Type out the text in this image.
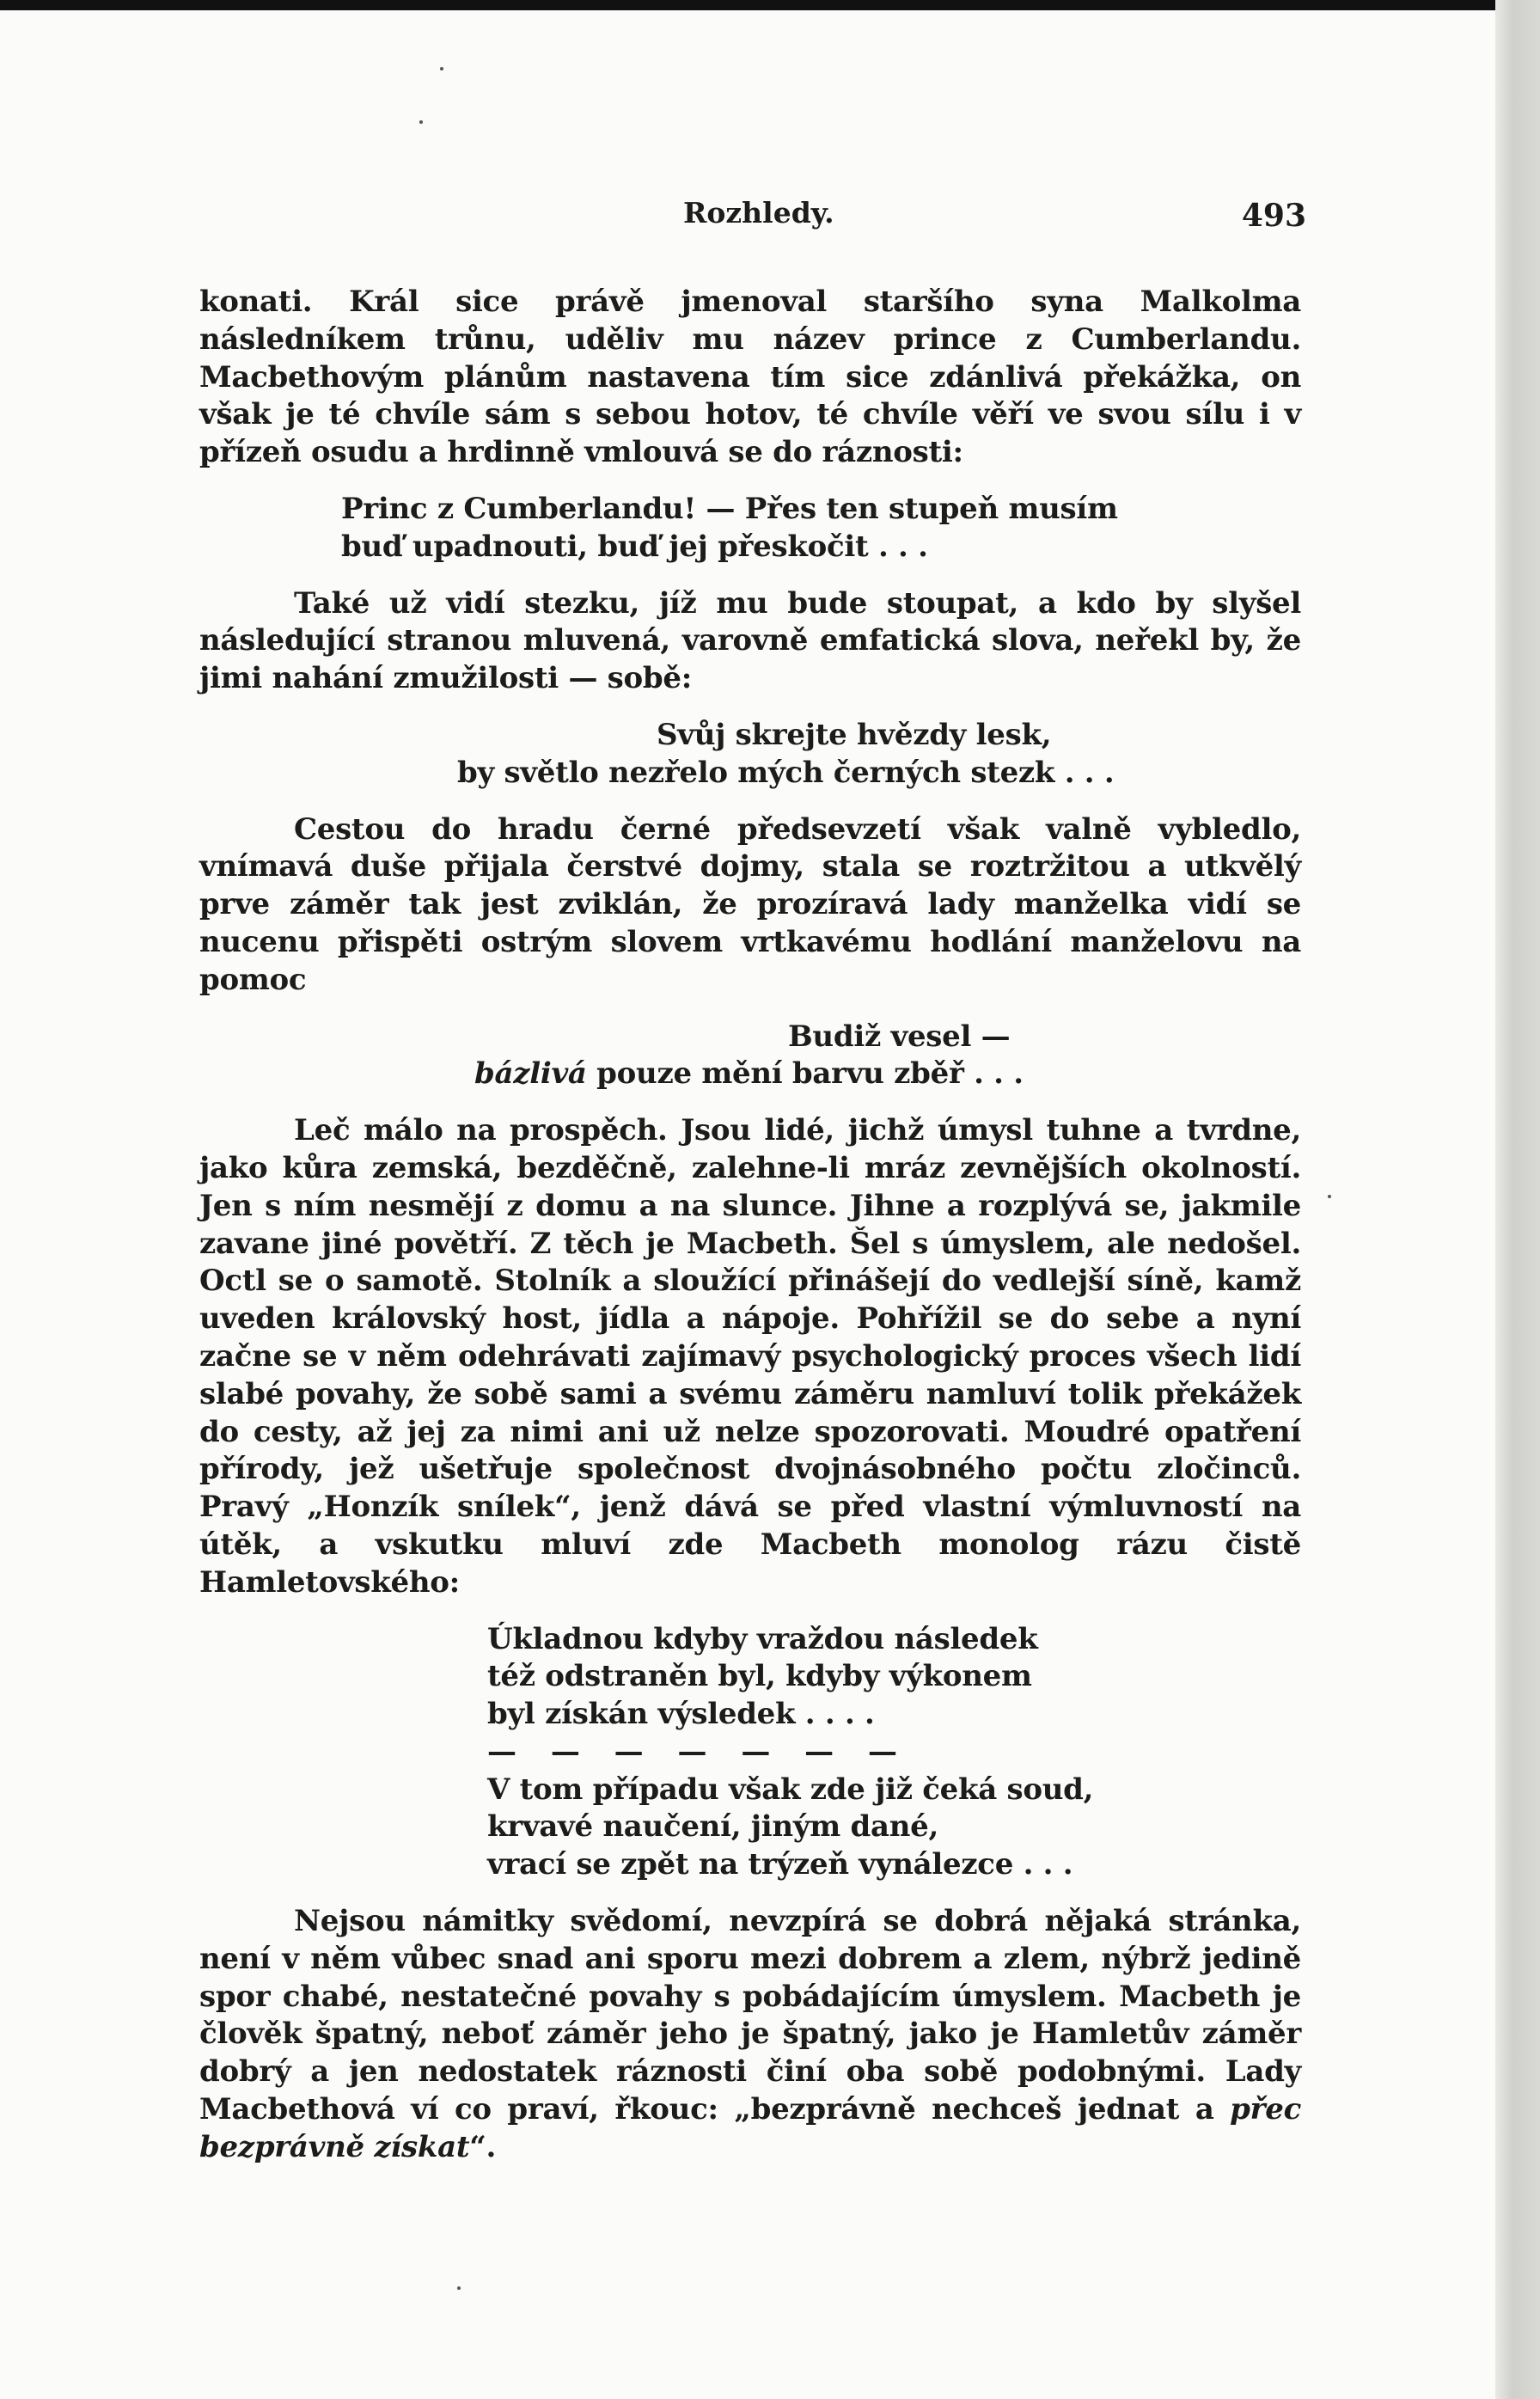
Rozhledy.	493

konati. Král sice právě jmenoval staršího syna Malkolma následníkem trůnu, uděliv mu název prince z Cumberlandu. Macbethovým plánům nastavena tím sice zdánlivá překážka, on však je té chvíle sám s sebou hotov, té chvíle věří ve svou sílu i v přízeň osudu a hrdinně vmlouvá se do ráznosti:

Princ z Cumberlandu! — Přes ten stupeň musím
buď upadnouti, buď jej přeskočit . . .

Také už vidí stezku, jíž mu bude stoupat, a kdo by slyšel následující stranou mluvená, varovně emfatická slova, neřekl by, že jimi nahání zmužilosti — sobě:

Svůj skrejte hvězdy lesk,
by světlo nezřelo mých černých stezk . . .

Cestou do hradu černé předsevzetí však valně vybledlo, vnímavá duše přijala čerstvé dojmy, stala se roztržitou a utkvělý prve záměr tak jest zviklán, že prozíravá lady manželka vidí se nucenu přispěti ostrým slovem vrtkavému hodlání manželovu na pomoc

Budiž vesel —
bázlivá pouze mění barvu zběř . . .

Leč málo na prospěch. Jsou lidé, jichž úmysl tuhne a tvrdne, jako kůra zemská, bezděčně, zalehne-li mráz zevnějších okolností. Jen s ním nesmějí z domu a na slunce. Jihne a rozplývá se, jakmile zavane jiné povětří. Z těch je Macbeth. Šel s úmyslem, ale nedošel. Octl se o samotě. Stolník a sloužící přinášejí do vedlejší síně, kamž uveden královský host, jídla a nápoje. Pohřížil se do sebe a nyní začne se v něm odehrávati zajímavý psychologický proces všech lidí slabé povahy, že sobě sami a svému záměru namluví tolik překážek do cesty, až jej za nimi ani už nelze spozorovati. Moudré opatření přírody, jež ušetřuje společnost dvojnásobného počtu zločinců. Pravý „Honzík snílek“, jenž dává se před vlastní výmluvností na útěk, a vskutku mluví zde Macbeth monolog rázu čistě Hamletovského:

Úkladnou kdyby vraždou následek
též odstraněn byl, kdyby výkonem
byl získán výsledek . . . .
— — — — — — —
V tom případu však zde již čeká soud,
krvavé naučení, jiným dané,
vrací se zpět na trýzeň vynálezce . . .

Nejsou námitky svědomí, nevzpírá se dobrá nějaká stránka, není v něm vůbec snad ani sporu mezi dobrem a zlem, nýbrž jedině spor chabé, nestatečné povahy s pobádajícím úmyslem. Macbeth je člověk špatný, neboť záměr jeho je špatný, jako je Hamletův záměr dobrý a jen nedostatek ráznosti činí oba sobě podobnými. Lady Macbethová ví co praví, řkouc: „bezprávně nechceš jednat a přec bezprávně získat“.
